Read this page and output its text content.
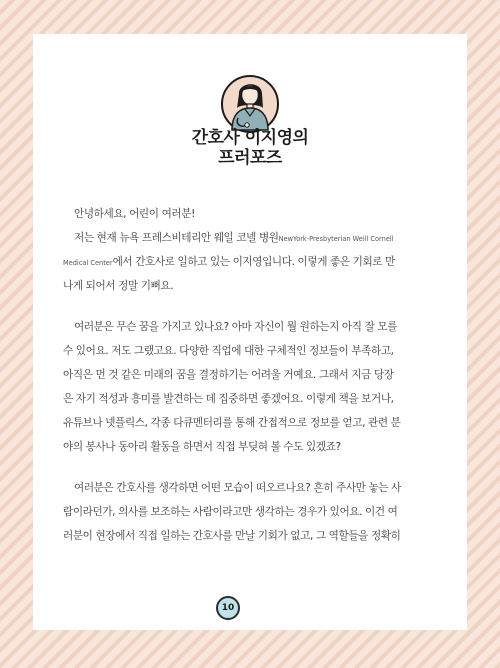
간호사 이지영의
프러포즈
안녕하세요, 어린이 여러분!
저는 현재 뉴욕 프레스비테리안 웨일 코넬 병원NewYork-Presbyterian Weill Cornell
Medical Center에서 간호사로 일하고 있는 이지영입니다. 이렇게 좋은 기회로 만
나게 되어서 정말 기뻐요.
여러분은 무슨 꿈을 가지고 있나요? 아마 자신이 뭘 원하는지 아직 잘 모를
수 있어요. 저도 그랬고요. 다양한 직업에 대한 구체적인 정보들이 부족하고,
아직은 먼 것 같은 미래의 꿈을 결정하기는 어려울 거예요. 그래서 지금 당장
은 자기 적성과 흥미를 발견하는 데 집중하면 좋겠어요. 이렇게 책을 보거나,
유튜브나 넷플릭스, 각종 다큐멘터리를 통해 간접적으로 정보를 얻고, 관련 분
야의 봉사나 동아리 활동을 하면서 직접 부딪혀 볼 수도 있겠죠?
여러분은 간호사를 생각하면 어떤 모습이 떠오르나요? 흔히 주사만 놓는 사
람이라던가, 의사를 보조하는 사람이라고만 생각하는 경우가 있어요. 이건 여
러분이 현장에서 직접 일하는 간호사를 만날 기회가 없고, 그 역할들을 정확히
10
